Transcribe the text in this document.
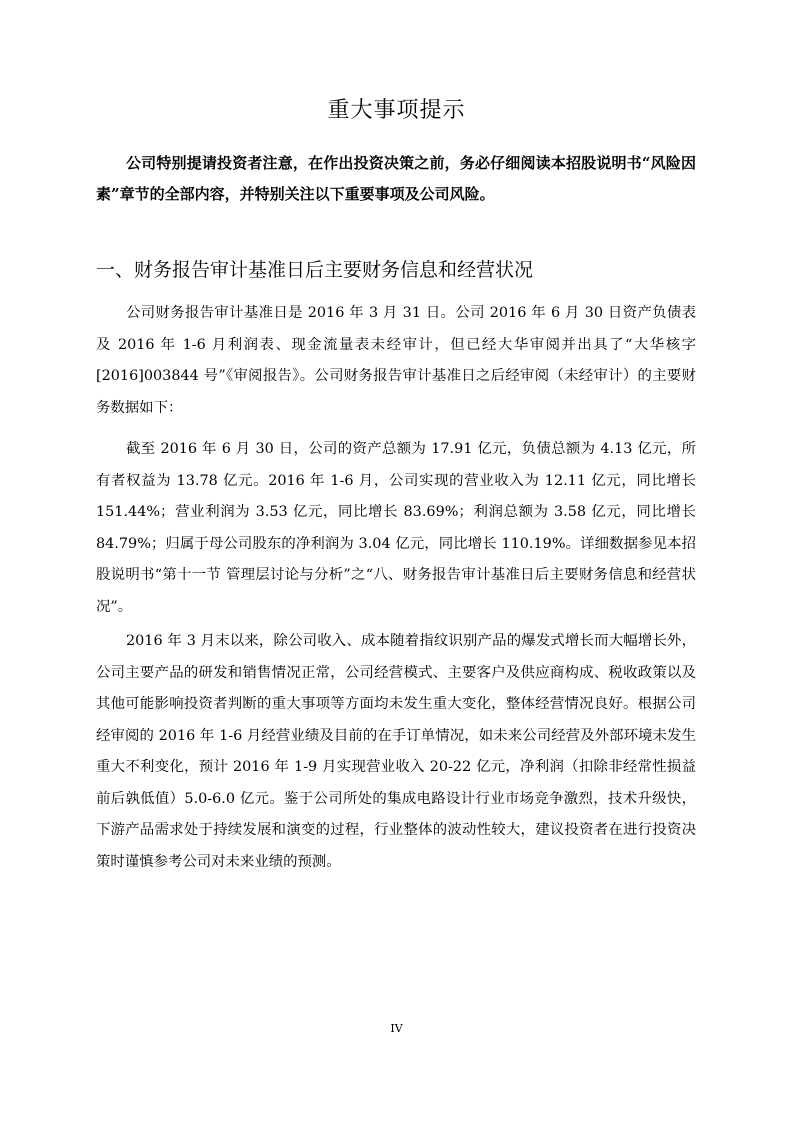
重大事项提示
公司特别提请投资者注意，在作出投资决策之前，务必仔细阅读本招股说明书“风险因素”章节的全部内容，并特别关注以下重要事项及公司风险。
一、财务报告审计基准日后主要财务信息和经营状况
公司财务报告审计基准日是 2016 年 3 月 31 日。公司 2016 年 6 月 30 日资产负债表及 2016 年 1-6 月利润表、现金流量表未经审计，但已经大华审阅并出具了“大华核字[2016]003844 号”《审阅报告》。公司财务报告审计基准日之后经审阅（未经审计）的主要财务数据如下：
截至 2016 年 6 月 30 日，公司的资产总额为 17.91 亿元，负债总额为 4.13 亿元，所有者权益为 13.78 亿元。2016 年 1-6 月，公司实现的营业收入为 12.11 亿元，同比增长 151.44%；营业利润为 3.53 亿元，同比增长 83.69%；利润总额为 3.58 亿元，同比增长 84.79%；归属于母公司股东的净利润为 3.04 亿元，同比增长 110.19%。详细数据参见本招股说明书“第十一节 管理层讨论与分析”之“八、财务报告审计基准日后主要财务信息和经营状况”。
2016 年 3 月末以来，除公司收入、成本随着指纹识别产品的爆发式增长而大幅增长外，公司主要产品的研发和销售情况正常，公司经营模式、主要客户及供应商构成、税收政策以及其他可能影响投资者判断的重大事项等方面均未发生重大变化，整体经营情况良好。根据公司经审阅的 2016 年 1-6 月经营业绩及目前的在手订单情况，如未来公司经营及外部环境未发生重大不利变化，预计 2016 年 1-9 月实现营业收入 20-22 亿元，净利润（扣除非经常性损益前后孰低值）5.0-6.0 亿元。鉴于公司所处的集成电路设计行业市场竞争激烈，技术升级快，下游产品需求处于持续发展和演变的过程，行业整体的波动性较大，建议投资者在进行投资决策时谨慎参考公司对未来业绩的预测。
IV
